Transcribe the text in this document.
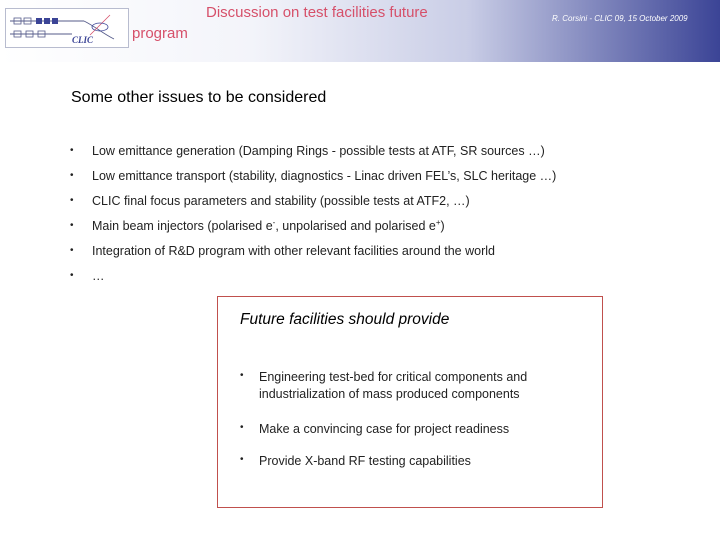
CLIC
Discussion on test facilities future
program
R. Corsini - CLIC 09, 15 October 2009
Some other issues to be considered
• Low emittance generation (Damping Rings - possible tests at ATF, SR sources …)
• Low emittance transport (stability, diagnostics - Linac driven FEL’s, SLC heritage …)
• CLIC final focus parameters and stability (possible tests at ATF2, …)
• Main beam injectors (polarised e-, unpolarised and polarised e+)
• Integration of R&D program with other relevant facilities around the world
• …
Future facilities should provide
• Engineering test-bed for critical components and industrialization of mass produced components
• Make a convincing case for project readiness
• Provide X-band RF testing capabilities
